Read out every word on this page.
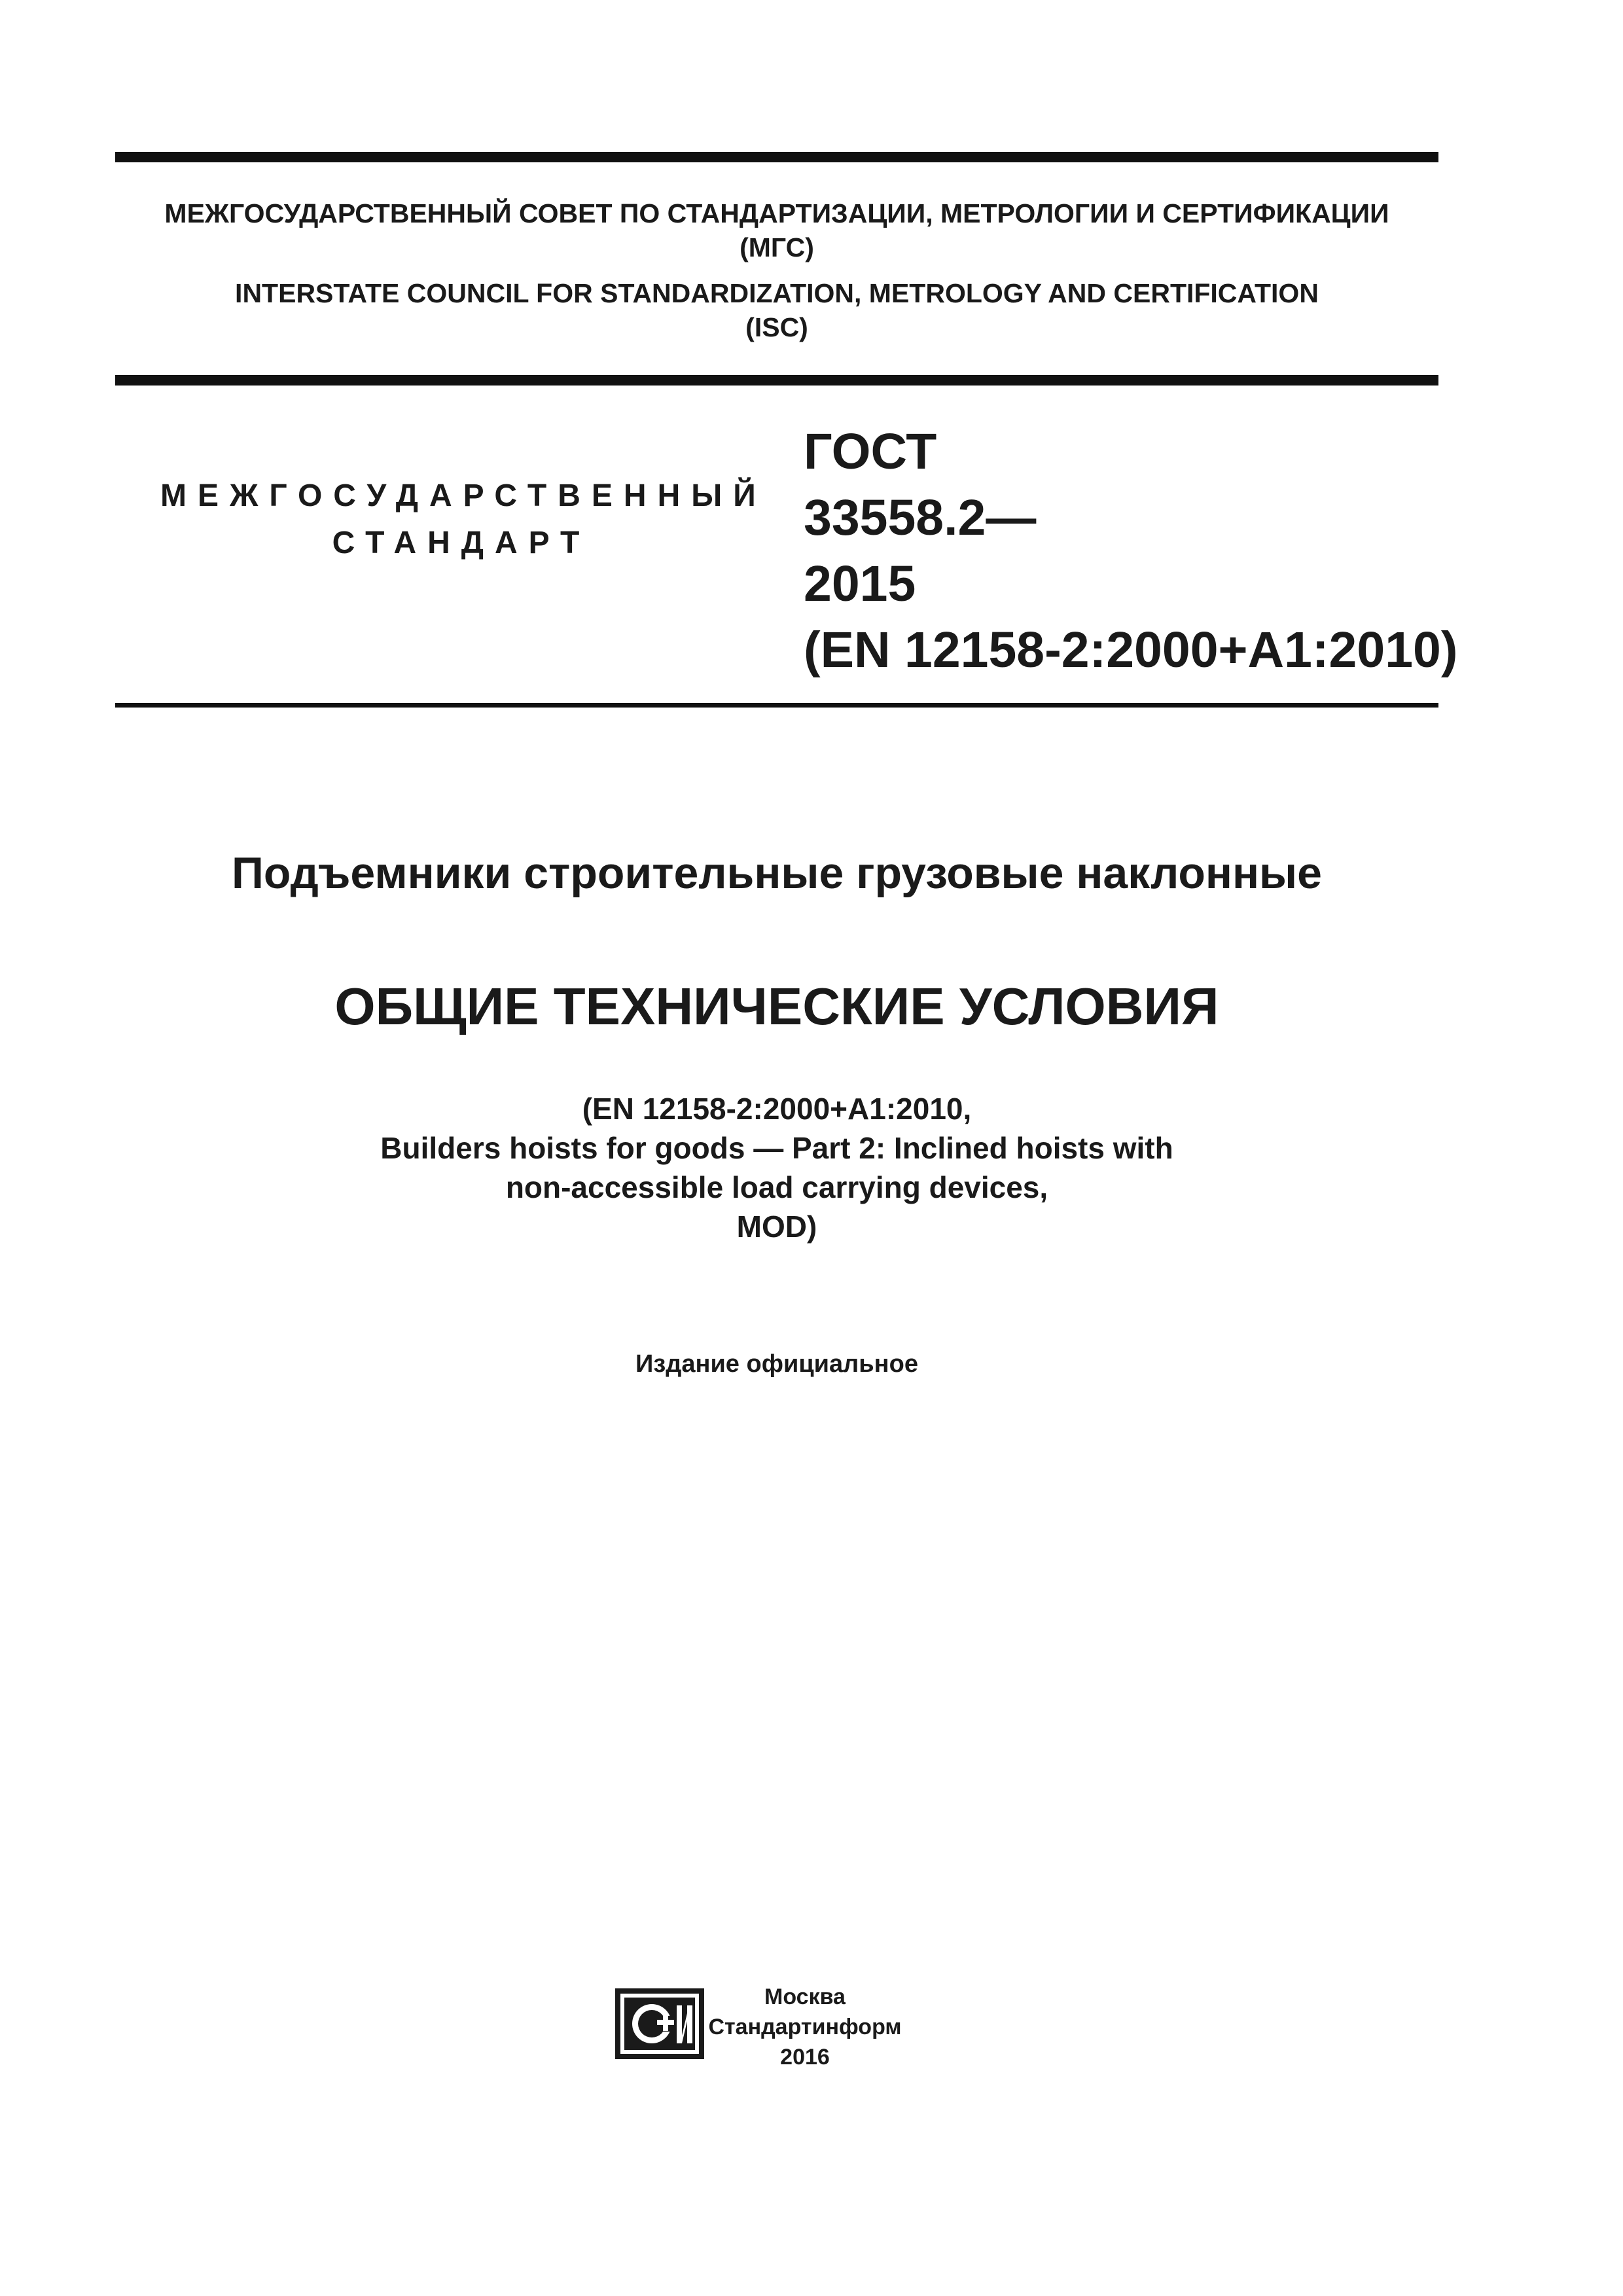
МЕЖГОСУДАРСТВЕННЫЙ СОВЕТ ПО СТАНДАРТИЗАЦИИ, МЕТРОЛОГИИ И СЕРТИФИКАЦИИ
(МГС)
INTERSTATE COUNCIL FOR STANDARDIZATION, METROLOGY AND CERTIFICATION
(ISC)
МЕЖГОСУДАРСТВЕННЫЙ
СТАНДАРТ
ГОСТ
33558.2—
2015
(EN 12158-2:2000+A1:2010)
Подъемники строительные грузовые наклонные
ОБЩИЕ ТЕХНИЧЕСКИЕ УСЛОВИЯ
(EN 12158-2:2000+A1:2010,
Builders hoists for goods — Part 2: Inclined hoists with
non-accessible load carrying devices,
MOD)
Издание официальное
Москва
Стандартинформ
2016
